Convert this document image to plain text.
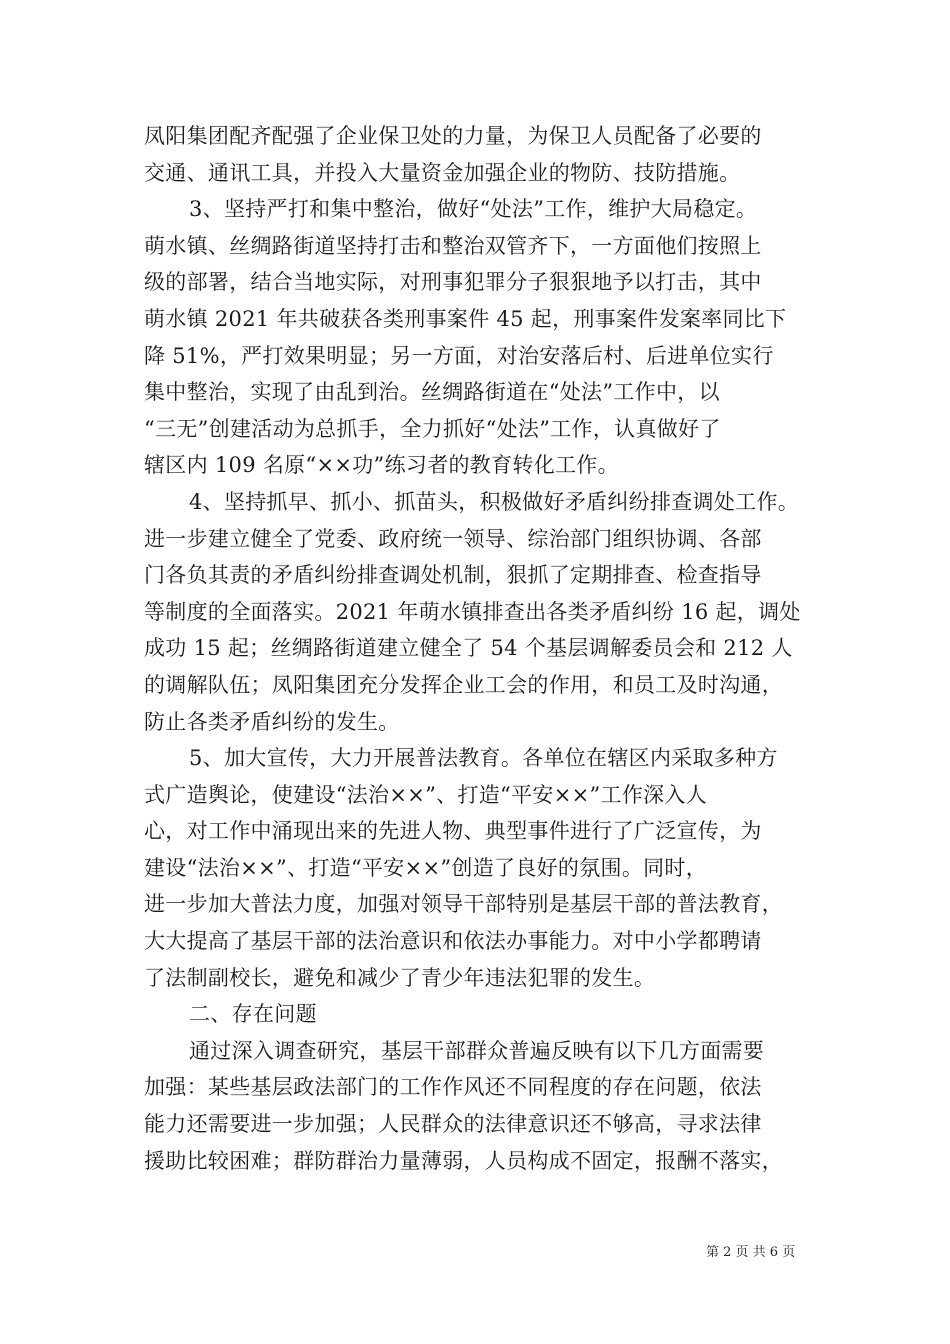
凤阳集团配齐配强了企业保卫处的力量，为保卫人员配备了必要的
交通、通讯工具，并投入大量资金加强企业的物防、技防措施。
3、坚持严打和集中整治，做好“处法”工作，维护大局稳定。
萌水镇、丝绸路街道坚持打击和整治双管齐下，一方面他们按照上
级的部署，结合当地实际，对刑事犯罪分子狠狠地予以打击，其中
萌水镇 2021 年共破获各类刑事案件 45 起，刑事案件发案率同比下
降 51%，严打效果明显；另一方面，对治安落后村、后进单位实行
集中整治，实现了由乱到治。丝绸路街道在“处法”工作中，以
“三无”创建活动为总抓手，全力抓好“处法”工作，认真做好了
辖区内 109 名原“××功”练习者的教育转化工作。
4、坚持抓早、抓小、抓苗头，积极做好矛盾纠纷排查调处工作。
进一步建立健全了党委、政府统一领导、综治部门组织协调、各部
门各负其责的矛盾纠纷排查调处机制，狠抓了定期排查、检查指导
等制度的全面落实。2021 年萌水镇排查出各类矛盾纠纷 16 起，调处
成功 15 起；丝绸路街道建立健全了 54 个基层调解委员会和 212 人
的调解队伍；凤阳集团充分发挥企业工会的作用，和员工及时沟通，
防止各类矛盾纠纷的发生。
5、加大宣传，大力开展普法教育。各单位在辖区内采取多种方
式广造舆论，使建设“法治××”、打造“平安××”工作深入人
心，对工作中涌现出来的先进人物、典型事件进行了广泛宣传，为
建设“法治××”、打造“平安××”创造了良好的氛围。同时，
进一步加大普法力度，加强对领导干部特别是基层干部的普法教育，
大大提高了基层干部的法治意识和依法办事能力。对中小学都聘请
了法制副校长，避免和减少了青少年违法犯罪的发生。
二、存在问题
通过深入调查研究，基层干部群众普遍反映有以下几方面需要
加强：某些基层政法部门的工作作风还不同程度的存在问题，依法
能力还需要进一步加强；人民群众的法律意识还不够高，寻求法律
援助比较困难；群防群治力量薄弱，人员构成不固定，报酬不落实，
第 2 页 共 6 页
